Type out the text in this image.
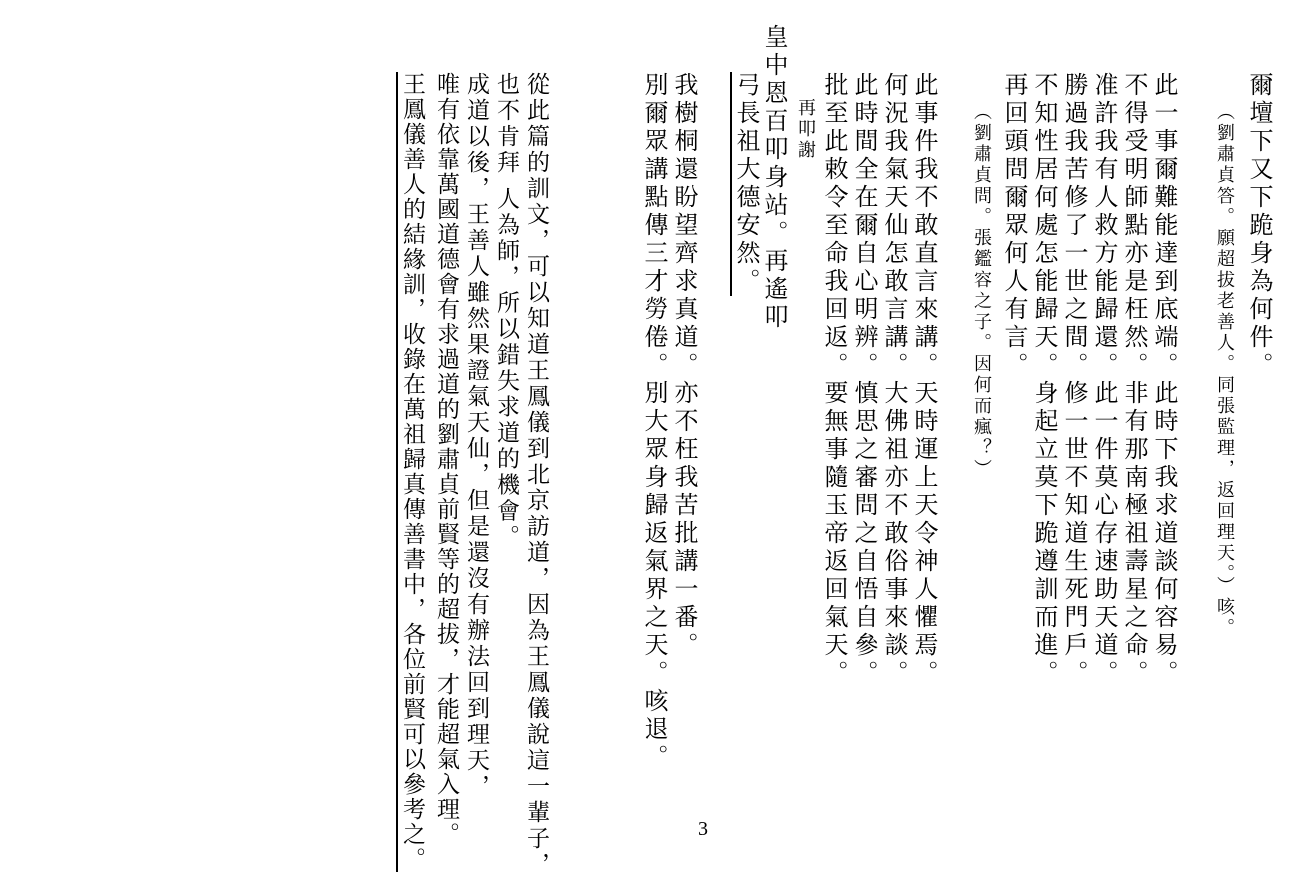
爾壇下又下跪身為何件。

（劉肅貞答。願超拔老善人。同張監理，返回理天。）咳。

此一事爾難能達到底端。此時下我求道談何容易。

不得受明師點亦是枉然。非有那南極祖壽星之命。

准許我有人救方能歸還。此一件莫心存速助天道。

勝過我苦修了一世之間。修一世不知道生死門戶。

不知性居何處怎能歸天。身起立莫下跪遵訓而進。

再回頭問爾眾何人有言。

（劉肅貞問。張鑑容之子。因何而瘋？）

此事件我不敢直言來講。天時運上天令神人懼焉。

何況我氣天仙怎敢言講。大佛祖亦不敢俗事來談。

此時間全在爾自心明辨。慎思之審問之自悟自參。

批至此敕令至命我回返。要無事隨玉帝返回氣天。

再叩謝

皇中恩百叩身站。再遙叩

弓長祖大德安然。

我樹桐還盼望齊求真道。亦不枉我苦批講一番。

別爾眾講點傳三才勞倦。別大眾身歸返氣界之天。咳退。

從此篇的訓文，可以知道王鳳儀到北京訪道，因為王鳳儀說這一輩子，

也不肯拜 人為師，所以錯失求道的機會。

成道以後，王善人雖然果證氣天仙，但是還沒有辦法回到理天，

唯有依靠萬國道德會有求過道的劉肅貞前賢等的超拔，才能超氣入理。

王鳳儀善人的結緣訓，收錄在萬祖歸真傳善書中，各位前賢可以參考之。	3
